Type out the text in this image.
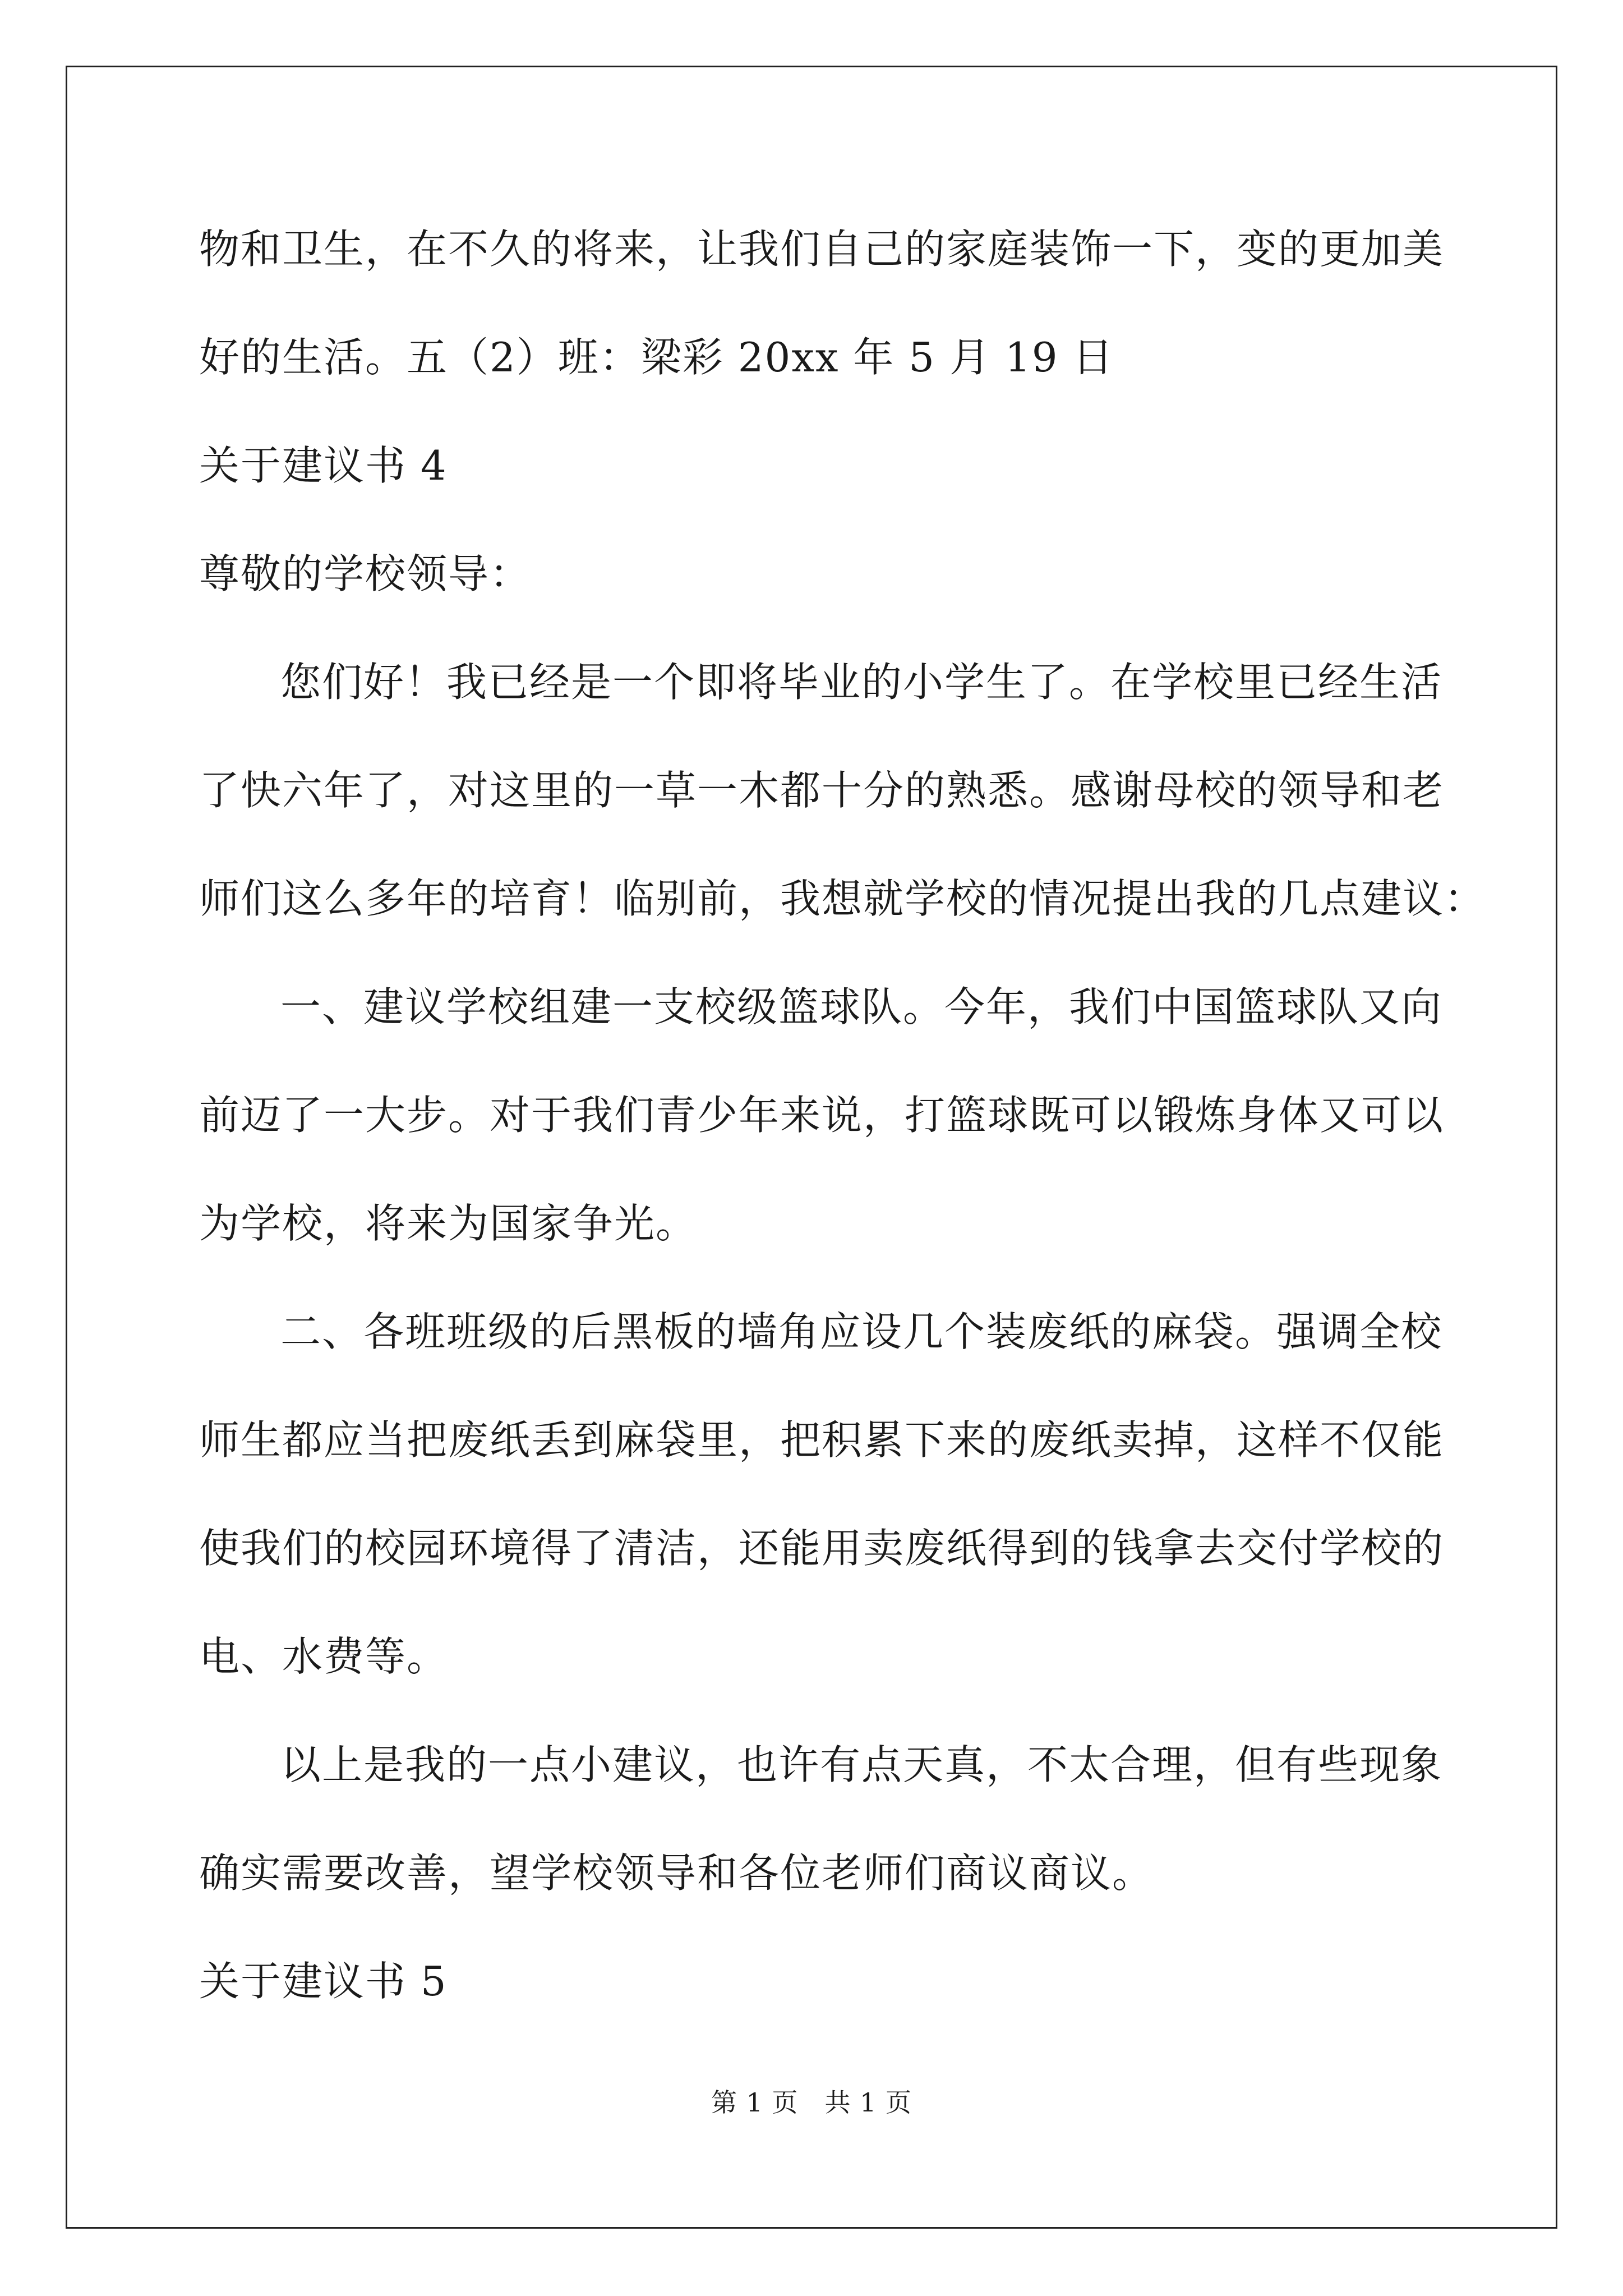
物和卫生，在不久的将来，让我们自己的家庭装饰一下，变的更加美
好的生活。五（2）班：梁彩 20xx 年 5 月 19 日
关于建议书 4
尊敬的学校领导：
您们好！我已经是一个即将毕业的小学生了。在学校里已经生活
了快六年了，对这里的一草一木都十分的熟悉。感谢母校的领导和老
师们这么多年的培育！临别前，我想就学校的情况提出我的几点建议：
一、建议学校组建一支校级篮球队。今年，我们中国篮球队又向
前迈了一大步。对于我们青少年来说，打篮球既可以锻炼身体又可以
为学校，将来为国家争光。
二、各班班级的后黑板的墙角应设几个装废纸的麻袋。强调全校
师生都应当把废纸丢到麻袋里，把积累下来的废纸卖掉，这样不仅能
使我们的校园环境得了清洁，还能用卖废纸得到的钱拿去交付学校的
电、水费等。
以上是我的一点小建议，也许有点天真，不太合理，但有些现象
确实需要改善，望学校领导和各位老师们商议商议。
关于建议书 5
第 1 页　共 1 页
